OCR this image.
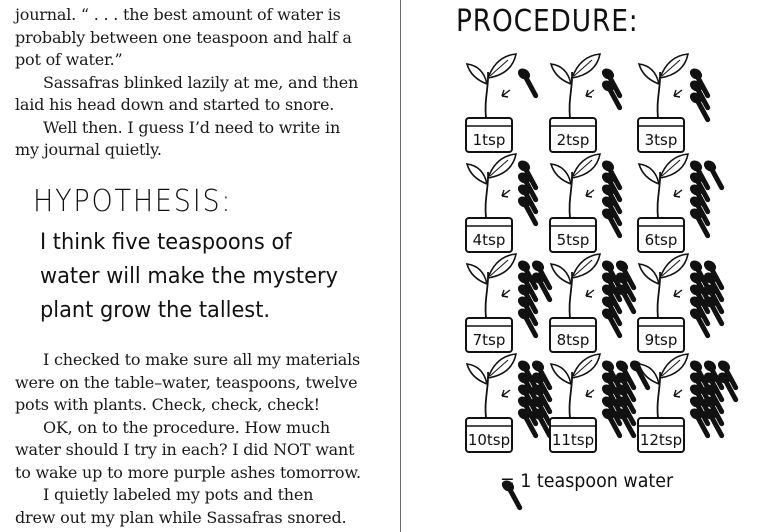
journal. “ . . . the best amount of water is

probably between one teaspoon and half a

pot of water.”

Sassafras blinked lazily at me, and then

laid his head down and started to snore.

Well then. I guess I’d need to write in

my journal quietly.

HYPOTHESIS:
I think five teaspoons of
water will make the mystery
plant grow the tallest.

I checked to make sure all my materials

were on the table–water, teaspoons, twelve

pots with plants. Check, check, check!

OK, on to the procedure. How much

water should I try in each? I did NOT want

to wake up to more purple ashes tomorrow.

I quietly labeled my pots and then

drew out my plan while Sassafras snored.

PROCEDURE:
1tsp	2tsp	3tsp
4tsp	5tsp	6tsp
7tsp	8tsp	9tsp
10tsp	11tsp	12tsp
= 1 teaspoon water
